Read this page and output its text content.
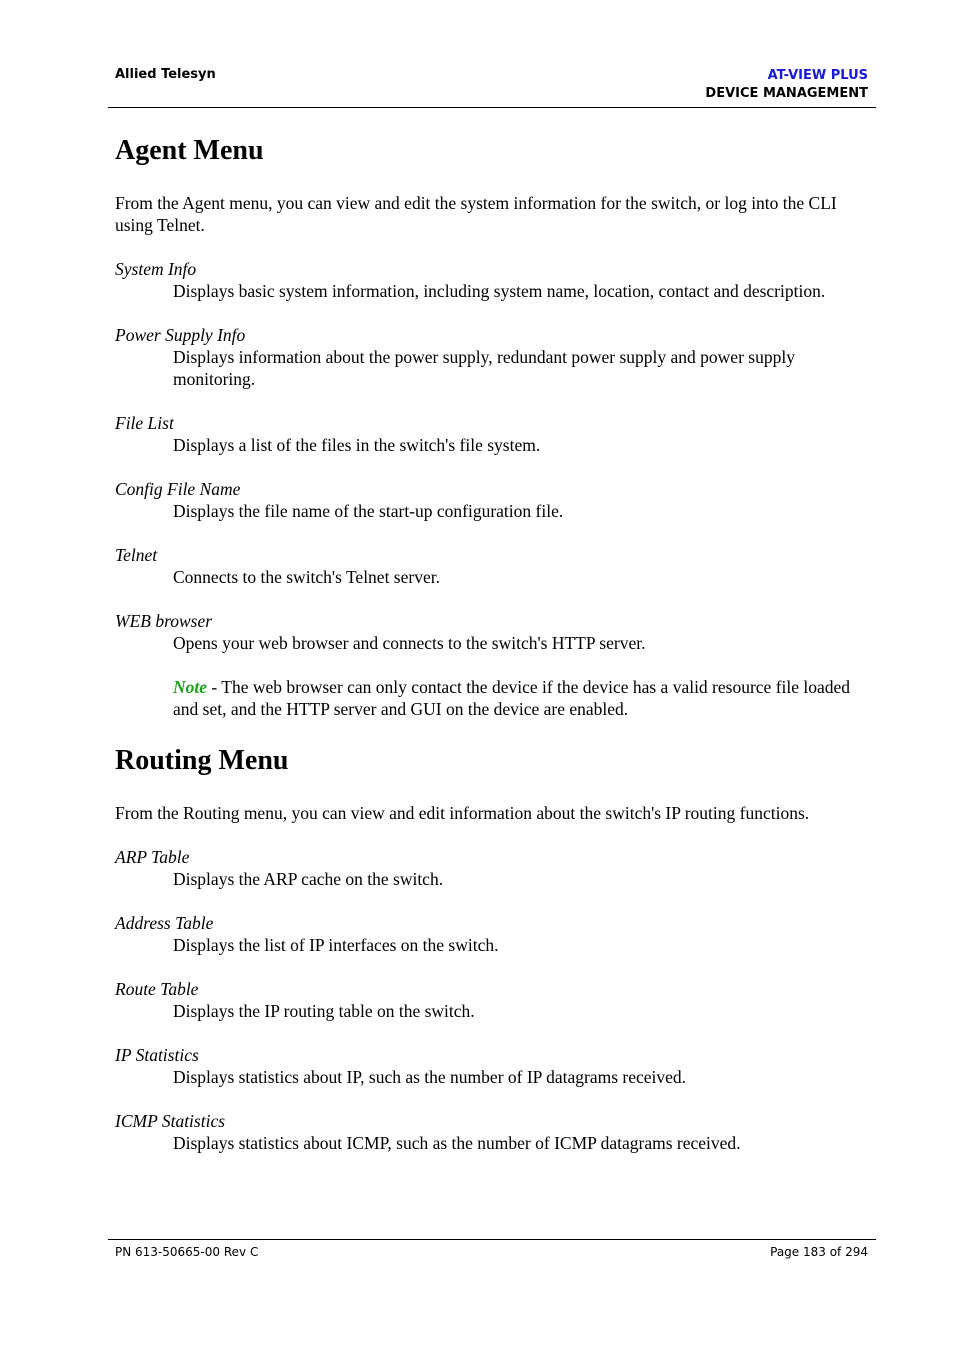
Allied Telesyn	AT-VIEW PLUS
DEVICE MANAGEMENT
Agent Menu

From the Agent menu, you can view and edit the system information for the switch, or log into the CLI using Telnet.

System Info
Displays basic system information, including system name, location, contact and description.
Power Supply Info
Displays information about the power supply, redundant power supply and power supply monitoring.
File List
Displays a list of the files in the switch's file system.
Config File Name
Displays the file name of the start-up configuration file.
Telnet
Connects to the switch's Telnet server.
WEB browser
Opens your web browser and connects to the switch's HTTP server.
Note - The web browser can only contact the device if the device has a valid resource file loaded and set, and the HTTP server and GUI on the device are enabled.
Routing Menu

From the Routing menu, you can view and edit information about the switch's IP routing functions.

ARP Table
Displays the ARP cache on the switch.
Address Table
Displays the list of IP interfaces on the switch.
Route Table
Displays the IP routing table on the switch.
IP Statistics
Displays statistics about IP, such as the number of IP datagrams received.
ICMP Statistics
Displays statistics about ICMP, such as the number of ICMP datagrams received.
PN 613-50665-00 Rev C	Page 183 of 294
